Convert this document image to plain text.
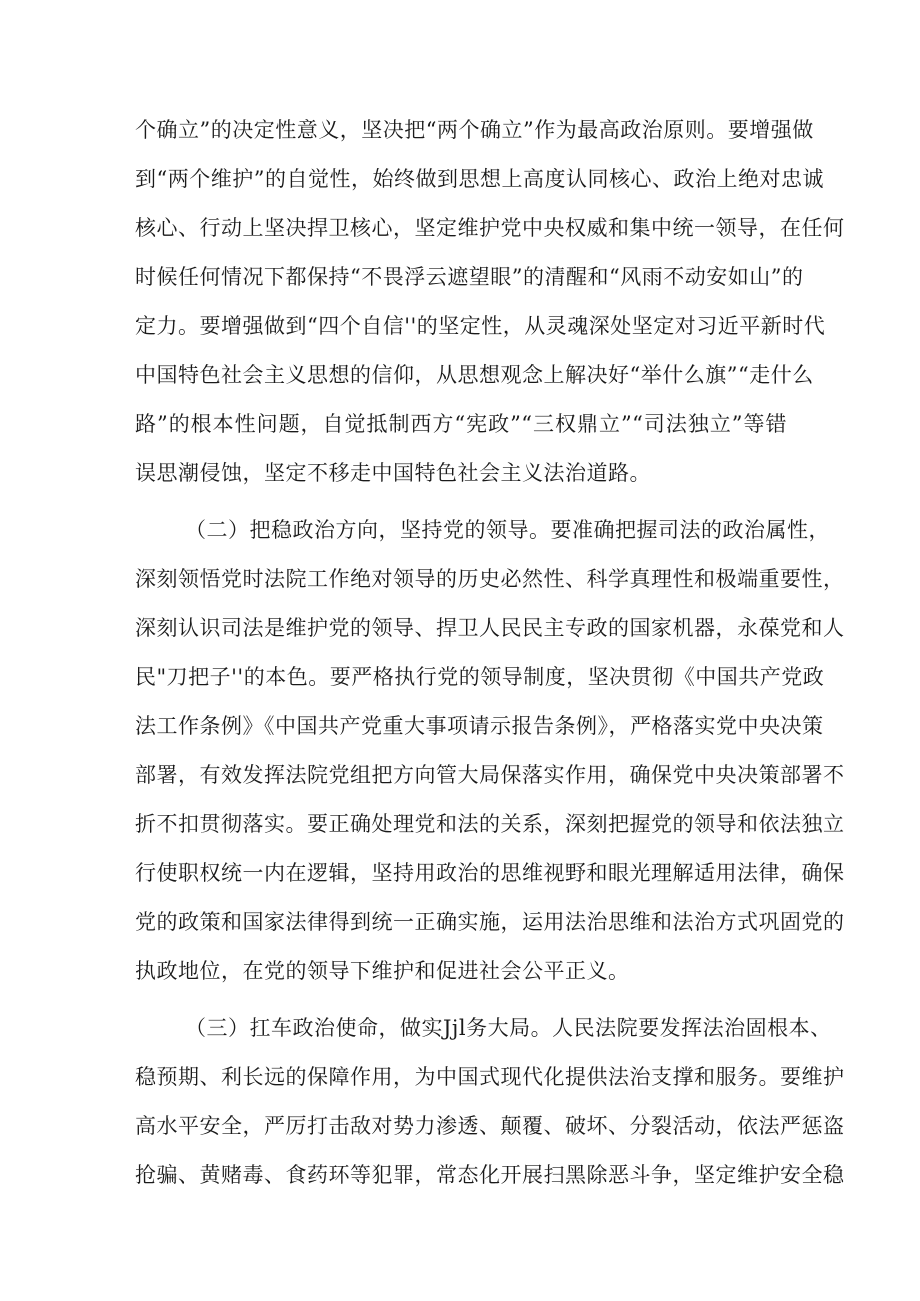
个确立”的决定性意义，坚决把“两个确立”作为最高政治原则。要增强做
到“两个维护”的自觉性，始终做到思想上高度认同核心、政治上绝对忠诚
核心、行动上坚决捍卫核心，坚定维护党中央权威和集中统一领导，在任何
时候任何情况下都保持“不畏浮云遮望眼”的清醒和“风雨不动安如山”的
定力。要增强做到“四个自信''的坚定性，从灵魂深处坚定对习近平新时代
中国特色社会主义思想的信仰，从思想观念上解决好“举什么旗”“走什么
路”的根本性问题，自觉抵制西方“宪政”“三权鼎立”“司法独立”等错
误思潮侵蚀，坚定不移走中国特色社会主义法治道路。
（二）把稳政治方向，坚持党的领导。要准确把握司法的政治属性，
深刻领悟党时法院工作绝对领导的历史必然性、科学真理性和极端重要性，
深刻认识司法是维护党的领导、捍卫人民民主专政的国家机器，永葆党和人
民"刀把子''的本色。要严格执行党的领导制度，坚决贯彻《中国共产党政
法工作条例》《中国共产党重大事项请示报告条例》，严格落实党中央决策
部署，有效发挥法院党组把方向管大局保落实作用，确保党中央决策部署不
折不扣贯彻落实。要正确处理党和法的关系，深刻把握党的领导和依法独立
行使职权统一内在逻辑，坚持用政治的思维视野和眼光理解适用法律，确保
党的政策和国家法律得到统一正确实施，运用法治思维和法治方式巩固党的
执政地位，在党的领导下维护和促进社会公平正义。
（三）扛车政治使命，做实Jjl务大局。人民法院要发挥法治固根本、
稳预期、利长远的保障作用，为中国式现代化提供法治支撑和服务。要维护
高水平安全，严厉打击敌对势力渗透、颠覆、破坏、分裂活动，依法严惩盗
抢骗、黄赌毒、食药环等犯罪，常态化开展扫黑除恶斗争，坚定维护安全稳
